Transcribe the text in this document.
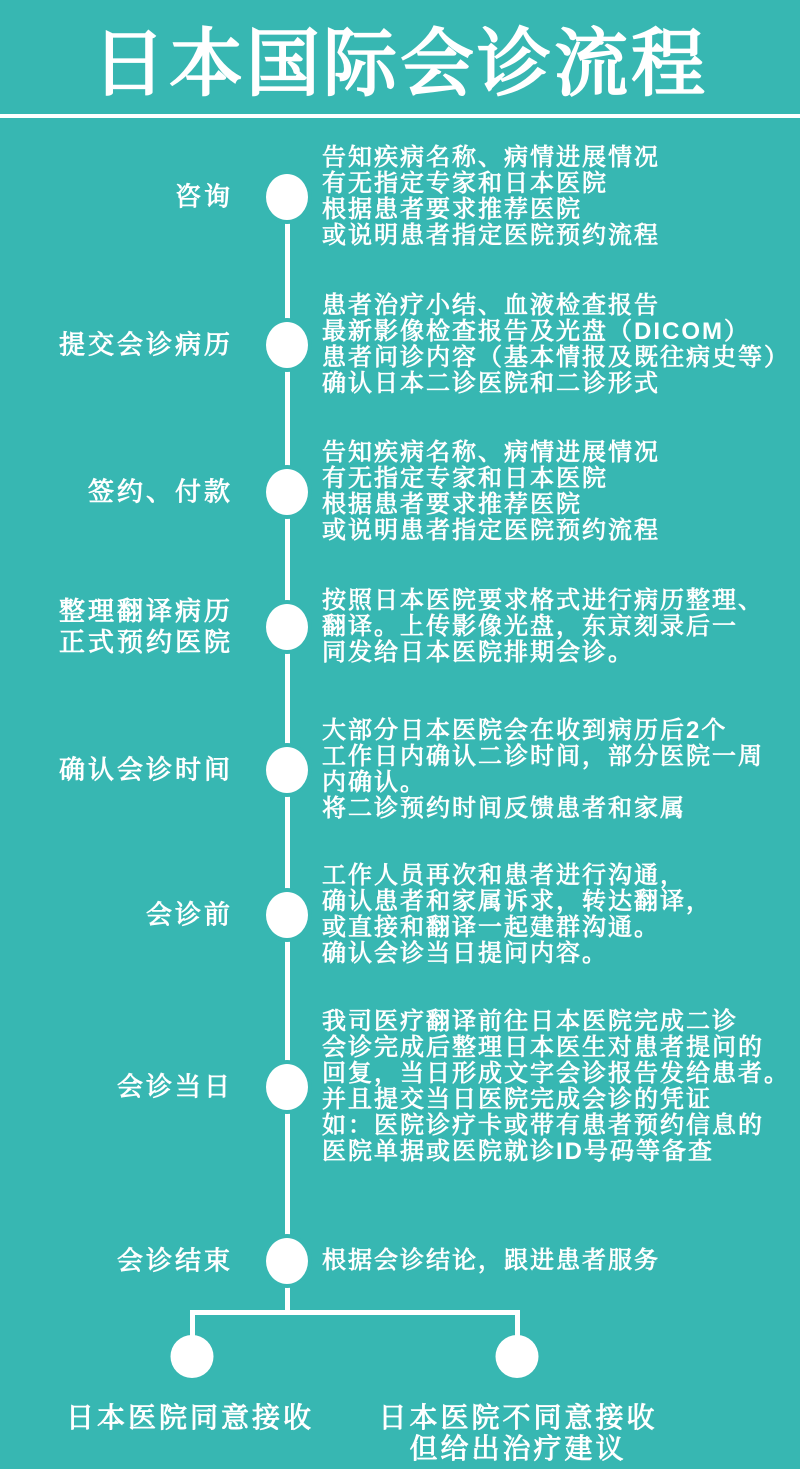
日本国际会诊流程
咨询
告知疾病名称、病情进展情况
有无指定专家和日本医院
根据患者要求推荐医院
或说明患者指定医院预约流程
提交会诊病历
患者治疗小结、血液检查报告
最新影像检查报告及光盘（DICOM）
患者问诊内容（基本情报及既往病史等）
确认日本二诊医院和二诊形式
签约、付款
告知疾病名称、病情进展情况
有无指定专家和日本医院
根据患者要求推荐医院
或说明患者指定医院预约流程
整理翻译病历
正式预约医院
按照日本医院要求格式进行病历整理、
翻译。上传影像光盘，东京刻录后一
同发给日本医院排期会诊。
确认会诊时间
大部分日本医院会在收到病历后2个
工作日内确认二诊时间，部分医院一周
内确认。
将二诊预约时间反馈患者和家属
会诊前
工作人员再次和患者进行沟通，
确认患者和家属诉求，转达翻译，
或直接和翻译一起建群沟通。
确认会诊当日提问内容。
会诊当日
我司医疗翻译前往日本医院完成二诊
会诊完成后整理日本医生对患者提问的
回复，当日形成文字会诊报告发给患者。
并且提交当日医院完成会诊的凭证
如：医院诊疗卡或带有患者预约信息的
医院单据或医院就诊ID号码等备查
会诊结束	根据会诊结论，跟进患者服务
日本医院同意接收 日本医院不同意接收
但给出治疗建议
